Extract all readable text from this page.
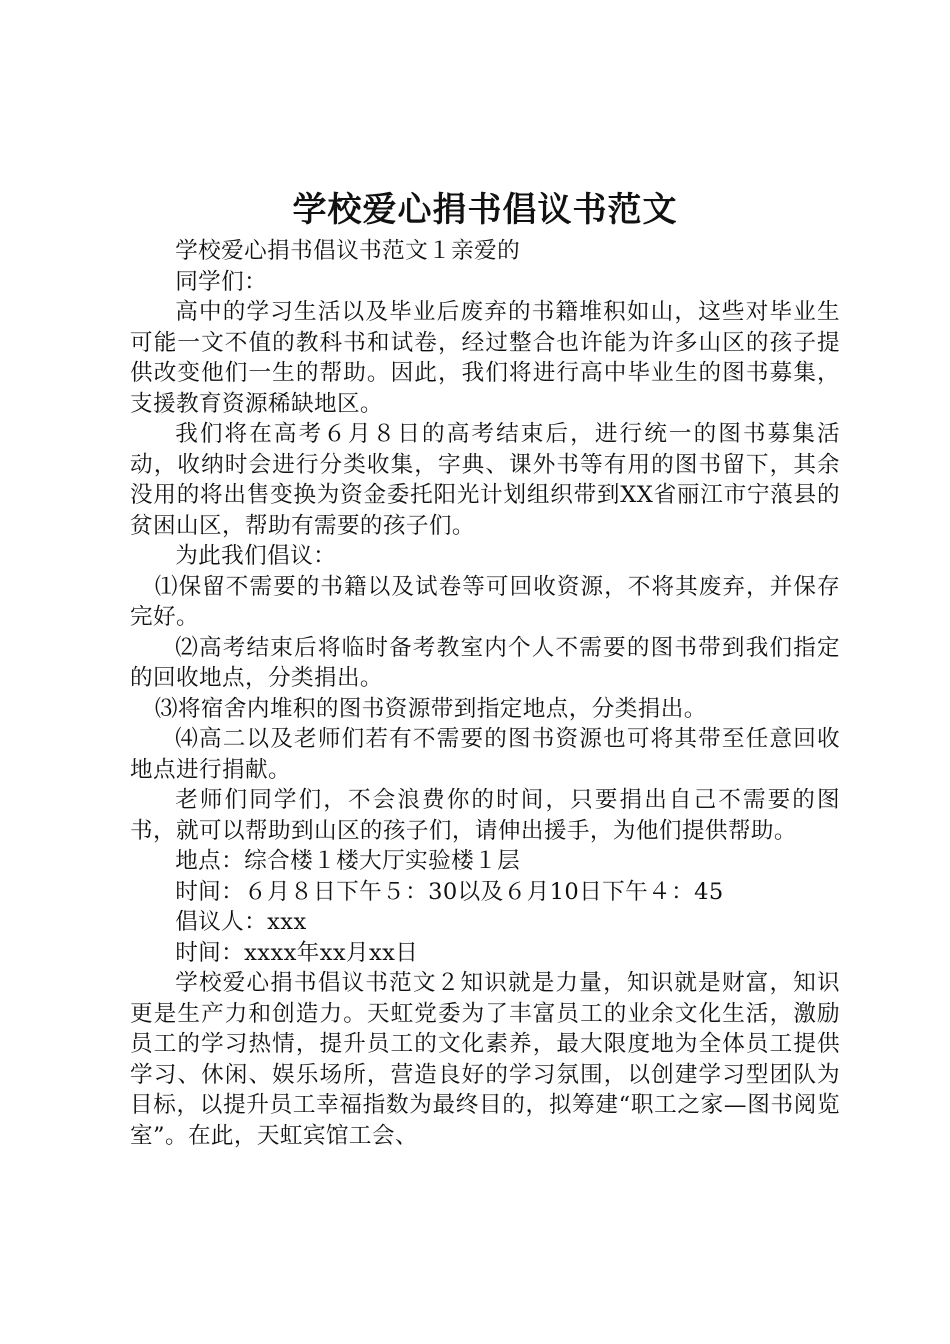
学校爱心捐书倡议书范文

学校爱心捐书倡议书范文１亲爱的

同学们：

高中的学习生活以及毕业后废弃的书籍堆积如山，这些对毕业生可能一文不值的教科书和试卷，经过整合也许能为许多山区的孩子提供改变他们一生的帮助。因此，我们将进行高中毕业生的图书募集，支援教育资源稀缺地区。

我们将在高考６月８日的高考结束后，进行统一的图书募集活动，收纳时会进行分类收集，字典、课外书等有用的图书留下，其余没用的将出售变换为资金委托阳光计划组织带到XX省丽江市宁蒗县的贫困山区，帮助有需要的孩子们。

为此我们倡议：

⑴保留不需要的书籍以及试卷等可回收资源，不将其废弃，并保存完好。

⑵高考结束后将临时备考教室内个人不需要的图书带到我们指定的回收地点，分类捐出。

⑶将宿舍内堆积的图书资源带到指定地点，分类捐出。

⑷高二以及老师们若有不需要的图书资源也可将其带至任意回收地点进行捐献。

老师们同学们，不会浪费你的时间，只要捐出自己不需要的图书，就可以帮助到山区的孩子们，请伸出援手，为他们提供帮助。

地点：综合楼１楼大厅实验楼１层

时间：６月８日下午５：30以及６月10日下午４：45

倡议人：xxx

时间：xxxx年xx月xx日

学校爱心捐书倡议书范文２知识就是力量，知识就是财富，知识更是生产力和创造力。天虹党委为了丰富员工的业余文化生活，激励员工的学习热情，提升员工的文化素养，最大限度地为全体员工提供学习、休闲、娱乐场所，营造良好的学习氛围，以创建学习型团队为目标，以提升员工幸福指数为最终目的，拟筹建“职工之家—图书阅览室”。在此，天虹宾馆工会、
